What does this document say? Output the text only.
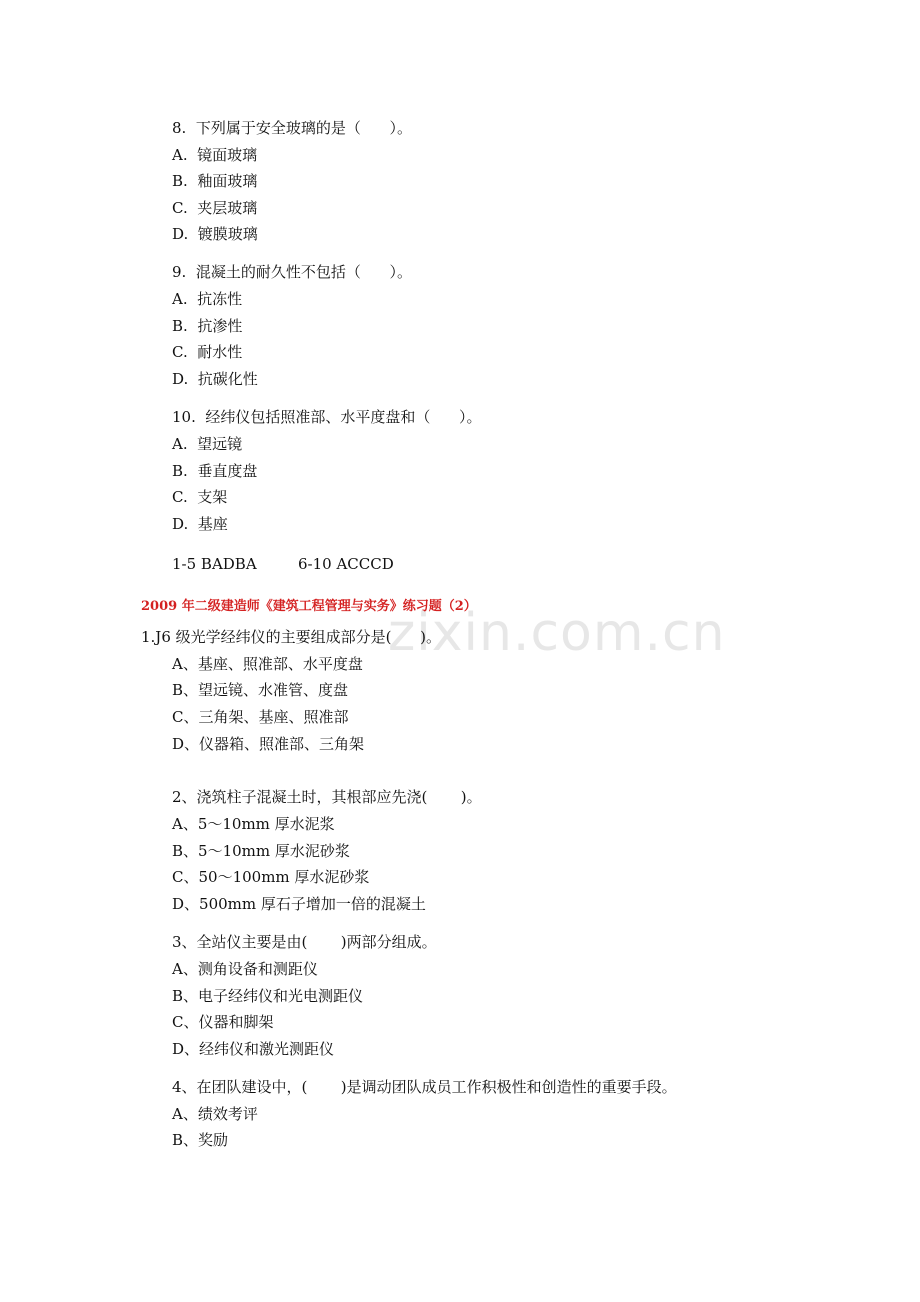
zixin.com.cn
8.  下列属于安全玻璃的是（      ）。
A.  镜面玻璃
B.  釉面玻璃
C.  夹层玻璃
D.  镀膜玻璃
9.  混凝土的耐久性不包括（      ）。
A.  抗冻性
B.  抗渗性
C.  耐水性
D.  抗碳化性
10.  经纬仪包括照准部、水平度盘和（      ）。
A.  望远镜
B.  垂直度盘
C.  支架
D.  基座
1-5 BADBA	6-10 ACCCD
2009 年二级建造师《建筑工程管理与实务》练习题（2）
1.J6 级光学经纬仪的主要组成部分是(      )。
A、基座、照准部、水平度盘
B、望远镜、水准管、度盘
C、三角架、基座、照准部
D、仪器箱、照准部、三角架
2、浇筑柱子混凝土时，其根部应先浇(       )。
A、5～10mm 厚水泥浆
B、5～10mm 厚水泥砂浆
C、50～100mm 厚水泥砂浆
D、500mm 厚石子增加一倍的混凝土
3、全站仪主要是由(       )两部分组成。
A、测角设备和测距仪
B、电子经纬仪和光电测距仪
C、仪器和脚架
D、经纬仪和激光测距仪
4、在团队建设中，(       )是调动团队成员工作积极性和创造性的重要手段。
A、绩效考评
B、奖励
